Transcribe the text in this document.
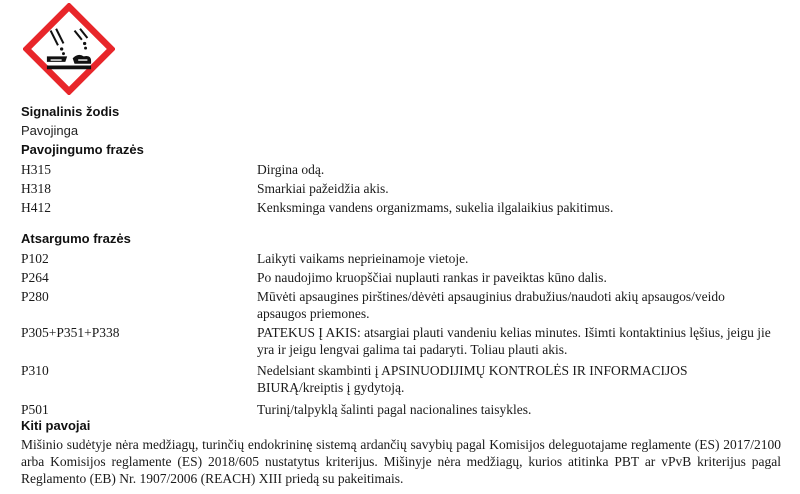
Signalinis žodis
Pavojinga
Pavojingumo frazės
H315	Dirgina odą.
H318	Smarkiai pažeidžia akis.
H412	Kenksminga vandens organizmams, sukelia ilgalaikius pakitimus.
Atsargumo frazės
P102	Laikyti vaikams neprieinamoje vietoje.
P264	Po naudojimo kruopščiai nuplauti rankas ir paveiktas kūno dalis.
P280	Mūvėti apsaugines pirštines/dėvėti apsauginius drabužius/naudoti akių apsaugos/veido apsaugos priemones.
P305+P351+P338	PATEKUS Į AKIS: atsargiai plauti vandeniu kelias minutes. Išimti kontaktinius lęšius, jeigu jie yra ir jeigu lengvai galima tai padaryti. Toliau plauti akis.
P310	Nedelsiant skambinti į APSINUODIJIMŲ KONTROLĖS IR INFORMACIJOS BIURĄ/kreiptis į gydytoją.
P501	Turinį/talpyklą šalinti pagal nacionalines taisykles.
Kiti pavojai
Mišinio sudėtyje nėra medžiagų, turinčių endokrininę sistemą ardančių savybių pagal Komisijos deleguotajame reglamente (ES) 2017/2100 arba Komisijos reglamente (ES) 2018/605 nustatytus kriterijus. Mišinyje nėra medžiagų, kurios atitinka PBT ar vPvB kriterijus pagal Reglamento (EB) Nr. 1907/2006 (REACH) XIII priedą su pakeitimais.
